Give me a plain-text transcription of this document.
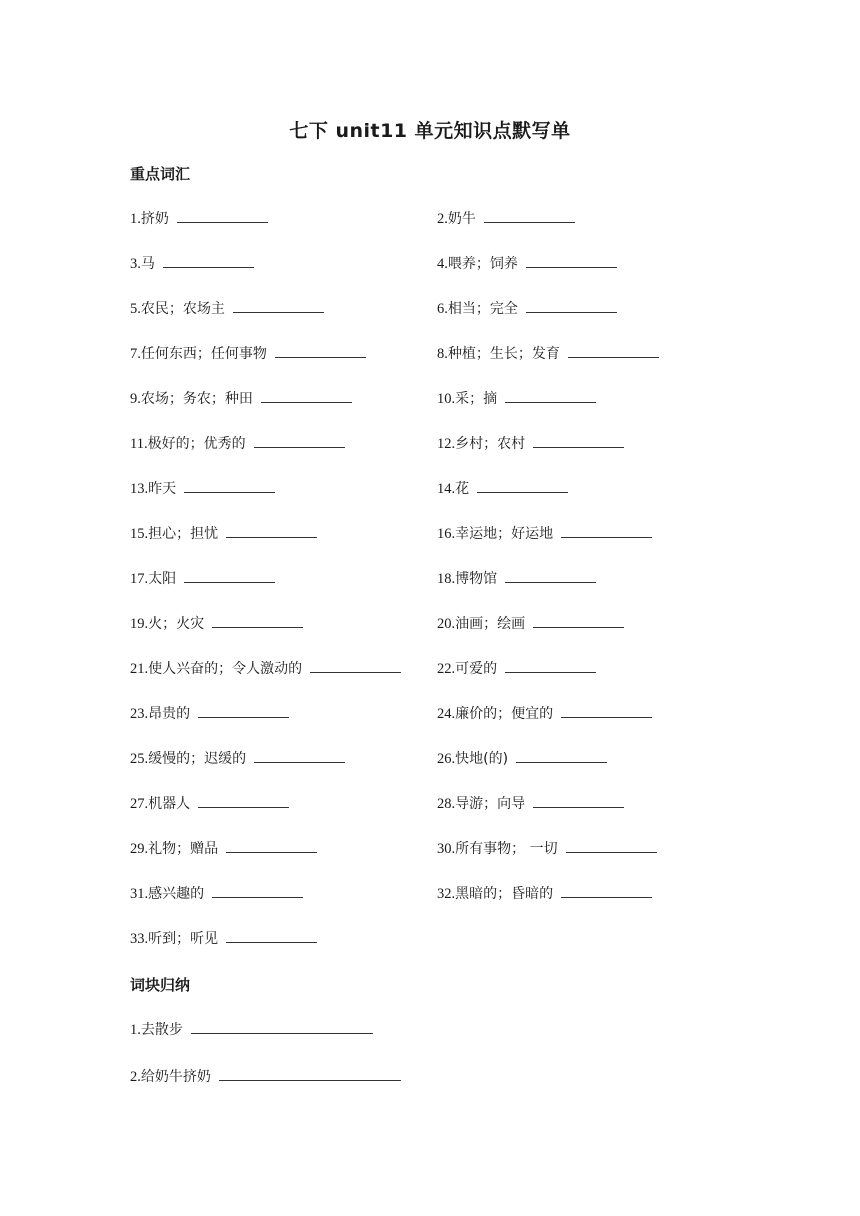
七下 unit11 单元知识点默写单
重点词汇
1.挤奶	2.奶牛
3.马	4.喂养；饲养
5.农民；农场主	6.相当；完全
7.任何东西；任何事物	8.种植；生长；发育
9.农场；务农；种田	10.采；摘
11.极好的；优秀的	12.乡村；农村
13.昨天	14.花
15.担心；担忧	16.幸运地；好运地
17.太阳	18.博物馆
19.火；火灾	20.油画；绘画
21.使人兴奋的；令人激动的	22.可爱的
23.昂贵的	24.廉价的；便宜的
25.缓慢的；迟缓的	26.快地(的)
27.机器人	28.导游；向导
29.礼物；赠品	30.所有事物； 一切
31.感兴趣的	32.黑暗的；昏暗的
33.听到；听见
词块归纳
1.去散步
2.给奶牛挤奶
